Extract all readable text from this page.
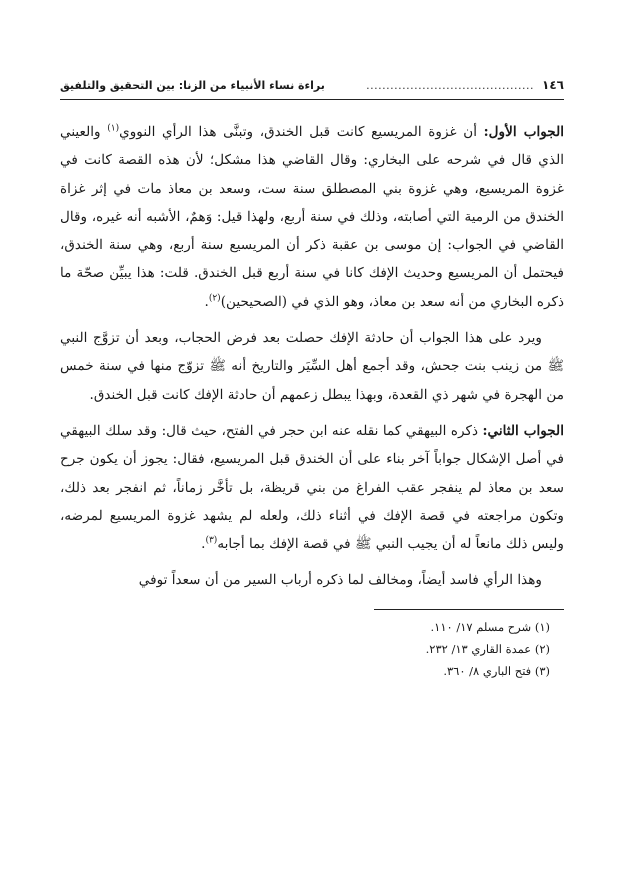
١٤٦
..........................................
براءة نساء الأنبياء من الزنا: بين التحقيق والتلفيق

الجواب الأول: أن غزوة المريسيع كانت قبل الخندق، وتبنَّى هذا الرأي النووي$^{(١)}$ والعيني الذي قال في شرحه على البخاري: وقال القاضي هذا مشكل؛ لأن هذه القصة كانت في غزوة المريسيع، وهي غزوة بني المصطلق سنة ست، وسعد بن معاذ مات في إثر غزاة الخندق من الرمية التي أصابته، وذلك في سنة أربع، ولهذا قيل: وَهمٌ، الأشبه أنه غيره، وقال القاضي في الجواب: إن موسى بن عقبة ذكر أن المريسيع سنة أربع، وهي سنة الخندق، فيحتمل أن المريسيع وحديث الإفك كانا في سنة أربع قبل الخندق. قلت: هذا يبيِّن صحّة ما ذكره البخاري من أنه سعد بن معاذ، وهو الذي في (الصحيحين)$^{(٢)}$.

ويرد على هذا الجواب أن حادثة الإفك حصلت بعد فرض الحجاب، وبعد أن تزوَّج النبي ﷺ من زينب بنت جحش، وقد أجمع أهل السِّيَر والتاريخ أنه ﷺ تزوّج منها في سنة خمس من الهجرة في شهر ذي القعدة، وبهذا يبطل زعمهم أن حادثة الإفك كانت قبل الخندق.

الجواب الثاني: ذكره البيهقي كما نقله عنه ابن حجر في الفتح، حيث قال: وقد سلك البيهقي في أصل الإشكال جواباً آخر بناء على أن الخندق قبل المريسيع، فقال: يجوز أن يكون جرح سعد بن معاذ لم ينفجر عقب الفراغ من بني قريظة، بل تأخَّر زماناً، ثم انفجر بعد ذلك، وتكون مراجعته في قصة الإفك في أثناء ذلك، ولعله لم يشهد غزوة المريسيع لمرضه، وليس ذلك مانعاً له أن يجيب النبي ﷺ في قصة الإفك بما أجابه$^{(٣)}$.

وهذا الرأي فاسد أيضاً، ومخالف لما ذكره أرباب السير من أن سعداً توفي

(١) شرح مسلم ١٧/ ١١٠.
(٢) عمدة القاري ١٣/ ٢٣٢.
(٣) فتح الباري ٨/ ٣٦٠.
